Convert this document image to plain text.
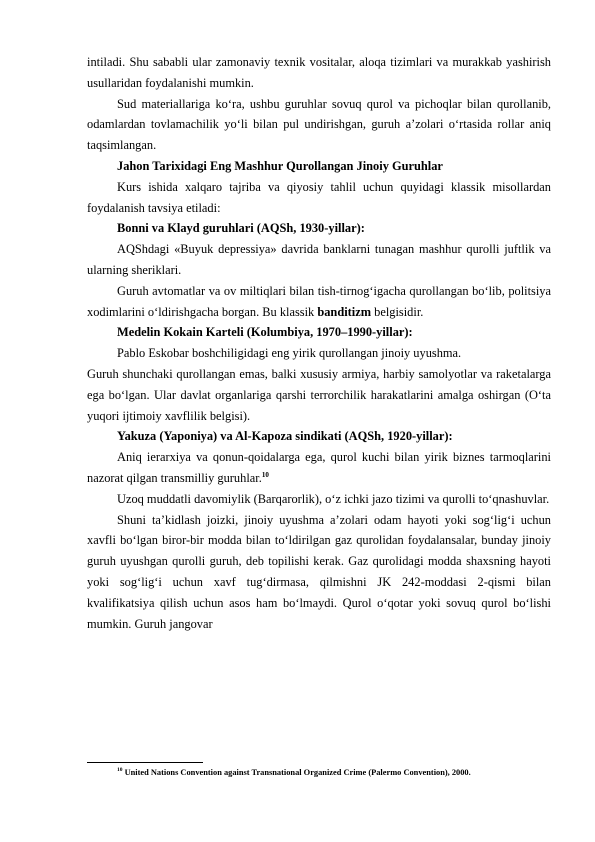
intiladi. Shu sababli ular zamonaviy texnik vositalar, aloqa tizimlari va murakkab yashirish usullaridan foydalanishi mumkin.

Sud materiallariga ko‘ra, ushbu guruhlar sovuq qurol va pichoqlar bilan qurollanib, odamlardan tovlamachilik yo‘li bilan pul undirishgan, guruh a’zolari o‘rtasida rollar aniq taqsimlangan.

Jahon Tarixidagi Eng Mashhur Qurollangan Jinoiy Guruhlar

Kurs ishida xalqaro tajriba va qiyosiy tahlil uchun quyidagi klassik misollardan foydalanish tavsiya etiladi:

Bonni va Klayd guruhlari (AQSh, 1930-yillar):

AQShdagi «Buyuk depressiya» davrida banklarni tunagan mashhur qurolli juftlik va ularning sheriklari.

Guruh avtomatlar va ov miltiqlari bilan tish-tirnog‘igacha qurollangan bo‘lib, politsiya xodimlarini o‘ldirishgacha borgan. Bu klassik banditizm belgisidir.

Medelin Kokain Karteli (Kolumbiya, 1970–1990-yillar):

Pablo Eskobar boshchiligidagi eng yirik qurollangan jinoiy uyushma.

Guruh shunchaki qurollangan emas, balki xususiy armiya, harbiy samolyotlar va raketalarga ega bo‘lgan. Ular davlat organlariga qarshi terrorchilik harakatlarini amalga oshirgan (O‘ta yuqori ijtimoiy xavflilik belgisi).

Yakuza (Yaponiya) va Al-Kapoza sindikati (AQSh, 1920-yillar):

Aniq ierarxiya va qonun-qoidalarga ega, qurol kuchi bilan yirik biznes tarmoqlarini nazorat qilgan transmilliy guruhlar.$^{10}$

Uzoq muddatli davomiylik (Barqarorlik), o‘z ichki jazo tizimi va qurolli to‘qnashuvlar.

Shuni ta’kidlash joizki, jinoiy uyushma a’zolari odam hayoti yoki sog‘lig‘i uchun xavfli bo‘lgan biror-bir modda bilan to‘ldirilgan gaz qurolidan foydalansalar, bunday jinoiy guruh uyushgan qurolli guruh, deb topilishi kerak. Gaz qurolidagi modda shaxsning hayoti yoki sog‘lig‘i uchun xavf tug‘dirmasa, qilmishni JK 242-moddasi 2-qismi bilan kvalifikatsiya qilish uchun asos ham bo‘lmaydi. Qurol o‘qotar yoki sovuq qurol bo‘lishi mumkin. Guruh jangovar

$^{10}$ United Nations Convention against Transnational Organized Crime (Palermo Convention), 2000.
